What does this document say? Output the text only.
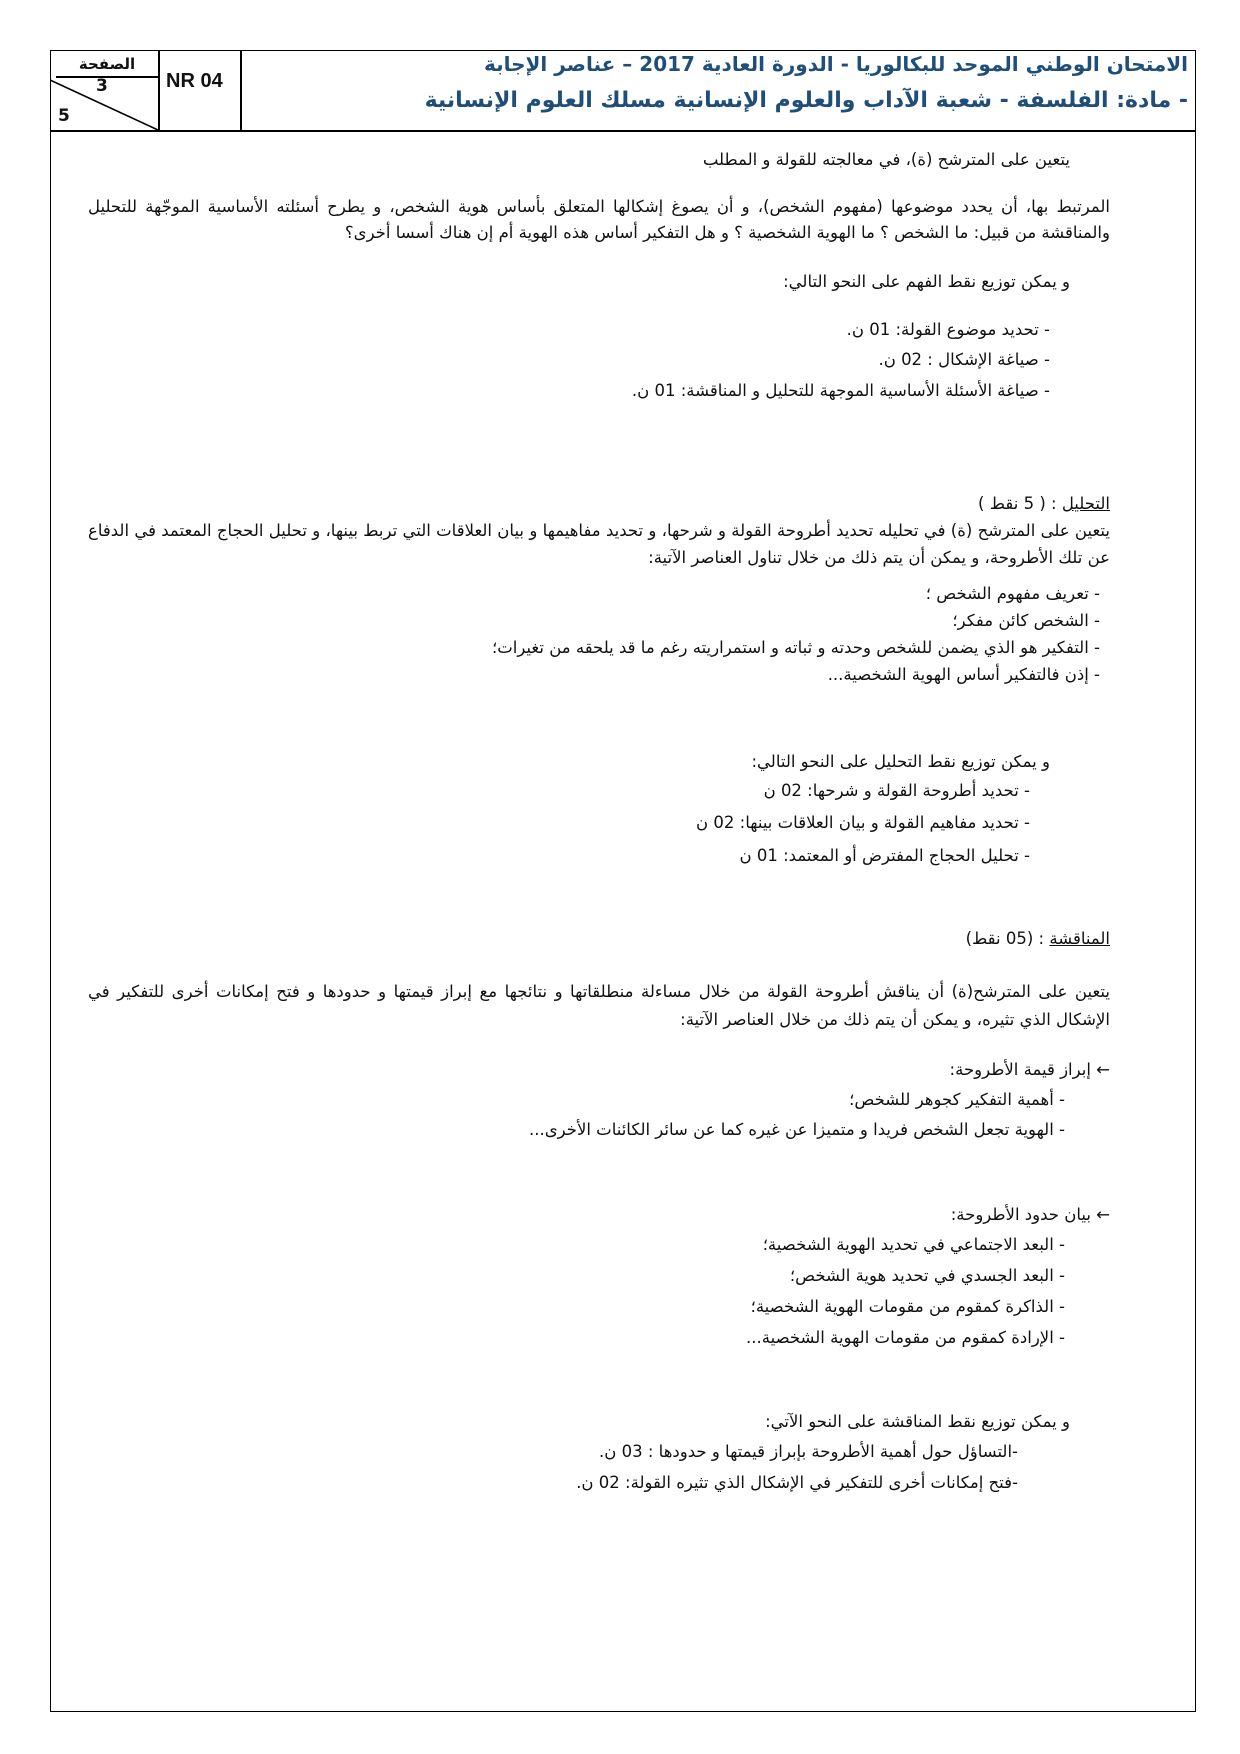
الصفحة
3
5
NR 04
الامتحان الوطني الموحد للبكالوريا - الدورة العادية 2017 – عناصر الإجابة
- مادة: الفلسفة - شعبة الآداب والعلوم الإنسانية مسلك العلوم الإنسانية
يتعين على المترشح (ة)، في معالجته للقولة و المطلب
المرتبط بها، أن يحدد موضوعها (مفهوم الشخص)، و أن يصوغ إشكالها المتعلق بأساس هوية الشخص، و يطرح أسئلته الأساسية الموجّهة للتحليل والمناقشة من قبيل: ما الشخص ؟ ما الهوية الشخصية ؟ و هل التفكير أساس هذه الهوية أم إن هناك أسسا أخرى؟
و يمكن توزيع نقط الفهم على النحو التالي:
- تحديد موضوع القولة: 01 ن.
- صياغة الإشكال : 02 ن.
- صياغة الأسئلة الأساسية الموجهة للتحليل و المناقشة: 01 ن.
التحليل : ( 5 نقط )
يتعين على المترشح (ة) في تحليله تحديد أطروحة القولة و شرحها، و تحديد مفاهيمها و بيان العلاقات التي تربط بينها، و تحليل الحجاج المعتمد في الدفاع عن تلك الأطروحة، و يمكن أن يتم ذلك من خلال تناول العناصر الآتية:
- تعريف مفهوم الشخص ؛
- الشخص كائن مفكر؛
- التفكير هو الذي يضمن للشخص وحدته و ثباته و استمراريته رغم ما قد يلحقه من تغيرات؛
- إذن فالتفكير أساس الهوية الشخصية...
و يمكن توزيع نقط التحليل على النحو التالي:
- تحديد أطروحة القولة و شرحها: 02 ن
- تحديد مفاهيم القولة و بيان العلاقات بينها: 02 ن
- تحليل الحجاج المفترض أو المعتمد: 01 ن
المناقشة : (05 نقط)
يتعين على المترشح(ة) أن يناقش أطروحة القولة من خلال مساءلة منطلقاتها و نتائجها مع إبراز قيمتها و حدودها و فتح إمكانات أخرى للتفكير في الإشكال الذي تثيره، و يمكن أن يتم ذلك من خلال العناصر الآتية:
← إبراز قيمة الأطروحة:
- أهمية التفكير كجوهر للشخص؛
- الهوية تجعل الشخص فريدا و متميزا عن غيره كما عن سائر الكائنات الأخرى...
← بيان حدود الأطروحة:
- البعد الاجتماعي في تحديد الهوية الشخصية؛
- البعد الجسدي في تحديد هوية الشخص؛
- الذاكرة كمقوم من مقومات الهوية الشخصية؛
- الإرادة كمقوم من مقومات الهوية الشخصية...
و يمكن توزيع نقط المناقشة على النحو الآتي:
-التساؤل حول أهمية الأطروحة بإبراز قيمتها و حدودها : 03 ن.
-فتح إمكانات أخرى للتفكير في الإشكال الذي تثيره القولة: 02 ن.
